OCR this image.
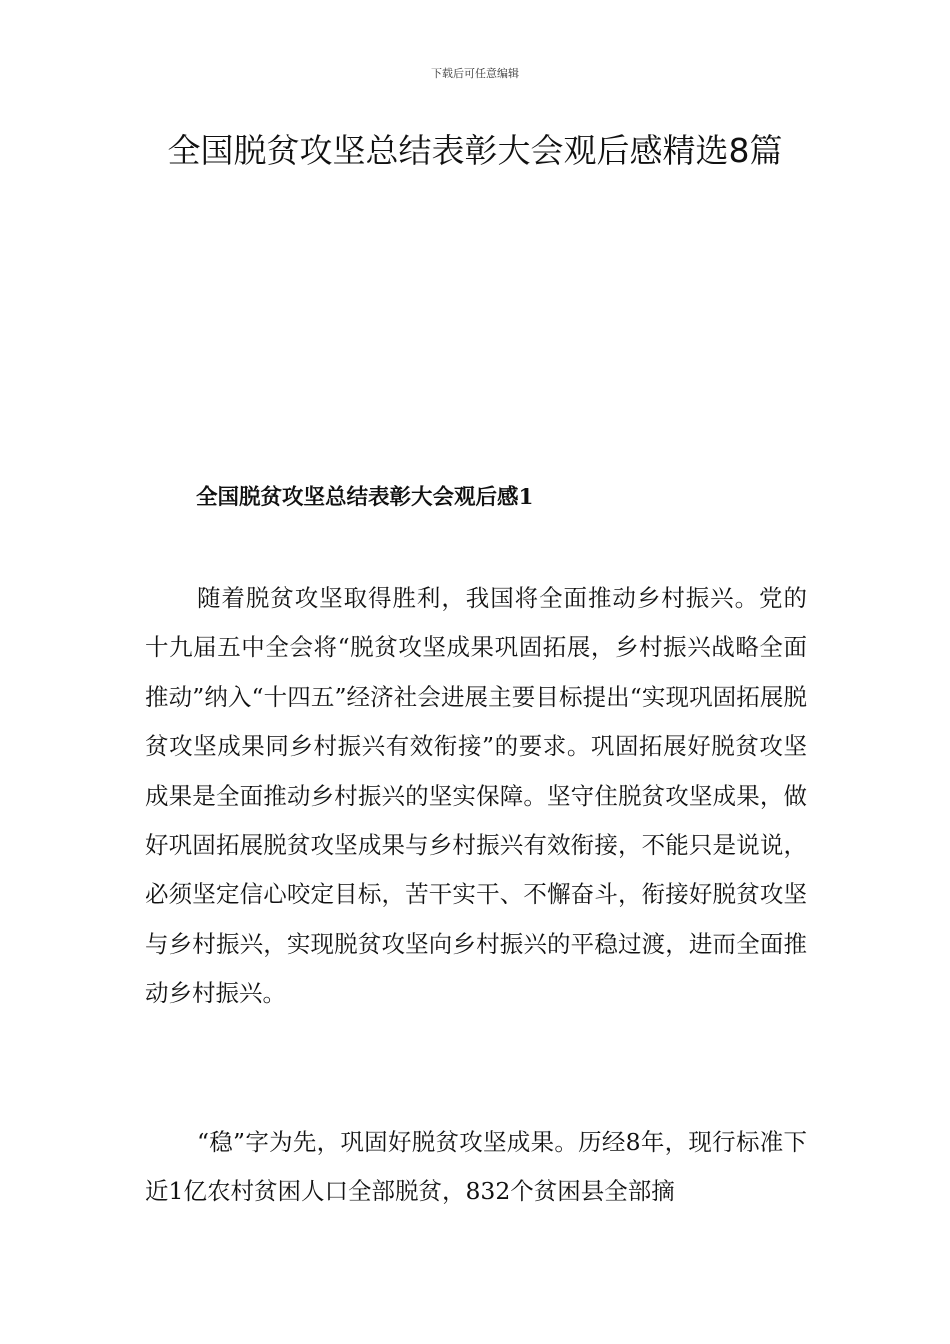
下载后可任意编辑
全国脱贫攻坚总结表彰大会观后感精选8篇
全国脱贫攻坚总结表彰大会观后感1

随着脱贫攻坚取得胜利，我国将全面推动乡村振兴。党的十九届五中全会将“脱贫攻坚成果巩固拓展，乡村振兴战略全面推动”纳入“十四五”经济社会进展主要目标提出“实现巩固拓展脱贫攻坚成果同乡村振兴有效衔接”的要求。巩固拓展好脱贫攻坚成果是全面推动乡村振兴的坚实保障。坚守住脱贫攻坚成果，做好巩固拓展脱贫攻坚成果与乡村振兴有效衔接，不能只是说说，必须坚定信心咬定目标，苦干实干、不懈奋斗，衔接好脱贫攻坚与乡村振兴，实现脱贫攻坚向乡村振兴的平稳过渡，进而全面推动乡村振兴。

“稳”字为先，巩固好脱贫攻坚成果。历经8年，现行标准下近1亿农村贫困人口全部脱贫，832个贫困县全部摘
